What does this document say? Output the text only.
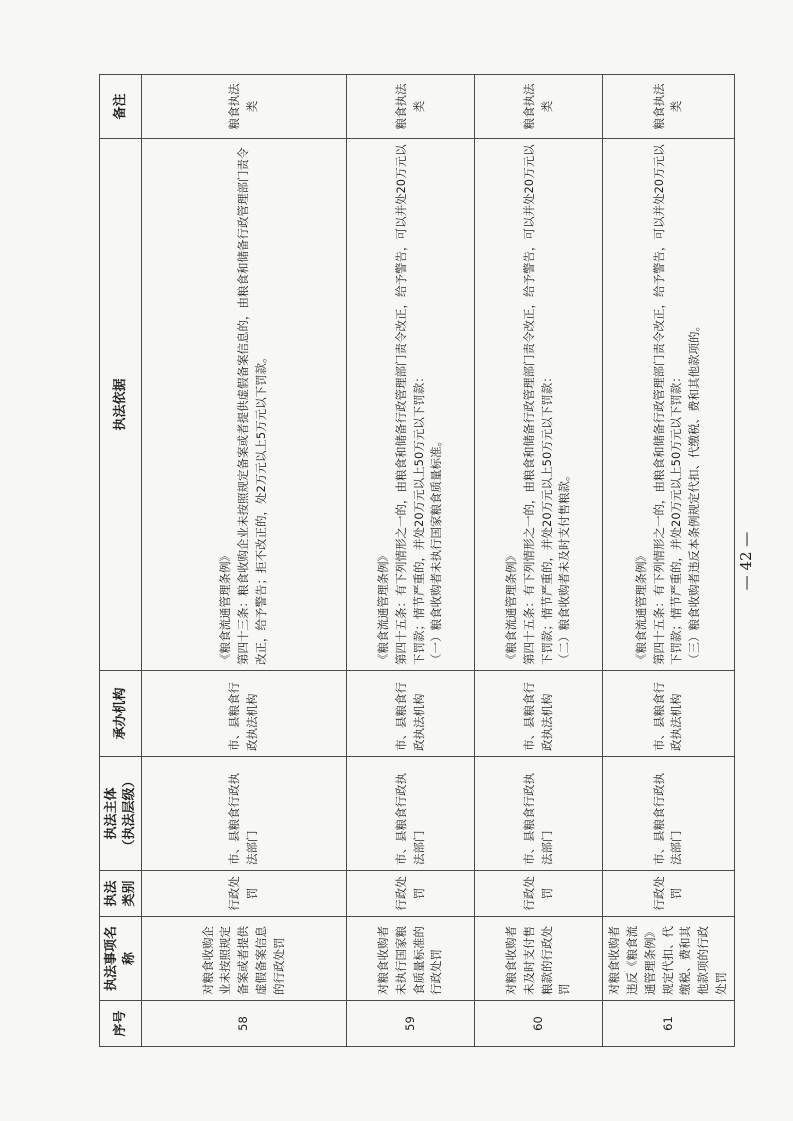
序号	执法事项名称	执法类别	执法主体 （执法层级）	承办机构	执法依据	备注
58	对粮食收购企业未按照规定备案或者提供虚假备案信息的行政处罚	行政处罚	市、县粮食行政执法部门	市、县粮食行政执法机构	《粮食流通管理条例》 第四十三条：粮食收购企业未按照规定备案或者提供虚假备案信息的，由粮食和储备行政管理部门责令改正，给予警告；拒不改正的，处2万元以上5万元以下罚款。	粮食执法类
59	对粮食收购者未执行国家粮食质量标准的行政处罚	行政处罚	市、县粮食行政执法部门	市、县粮食行政执法机构	《粮食流通管理条例》 第四十五条：有下列情形之一的，由粮食和储备行政管理部门责令改正，给予警告，可以并处20万元以下罚款；情节严重的，并处20万元以上50万元以下罚款： （一）粮食收购者未执行国家粮食质量标准。	粮食执法类
60	对粮食收购者未及时支付售粮款的行政处罚	行政处罚	市、县粮食行政执法部门	市、县粮食行政执法机构	《粮食流通管理条例》 第四十五条：有下列情形之一的，由粮食和储备行政管理部门责令改正，给予警告，可以并处20万元以下罚款；情节严重的，并处20万元以上50万元以下罚款： （二）粮食收购者未及时支付售粮款。	粮食执法类
61	对粮食收购者违反《粮食流通管理条例》规定代扣、代缴税、费和其他款项的行政处罚	行政处罚	市、县粮食行政执法部门	市、县粮食行政执法机构	《粮食流通管理条例》 第四十五条：有下列情形之一的，由粮食和储备行政管理部门责令改正，给予警告，可以并处20万元以下罚款；情节严重的，并处20万元以上50万元以下罚款： （三）粮食收购者违反本条例规定代扣、代缴税、费和其他款项的。	粮食执法类
— 42 —
